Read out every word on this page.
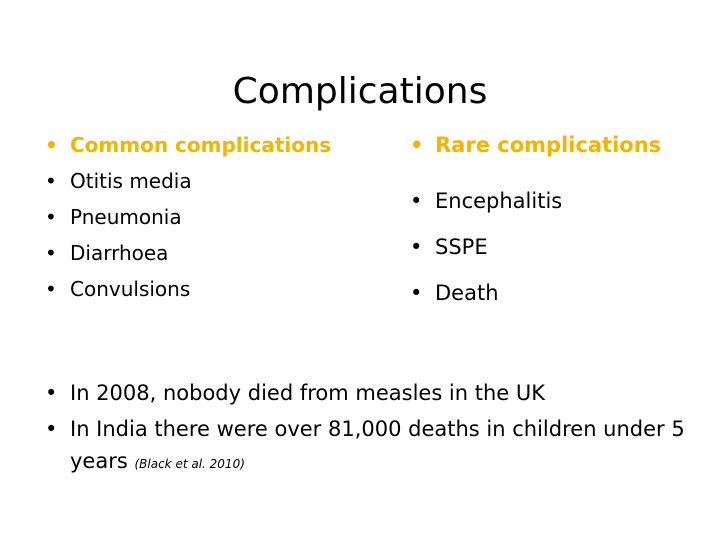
Complications
• Common complications
• Otitis media
• Pneumonia
• Diarrhoea
• Convulsions
• Rare complications
• Encephalitis
• SSPE
• Death
• In 2008, nobody died from measles in the UK
• In India there were over 81,000 deaths in children under 5 years (Black et al. 2010)
